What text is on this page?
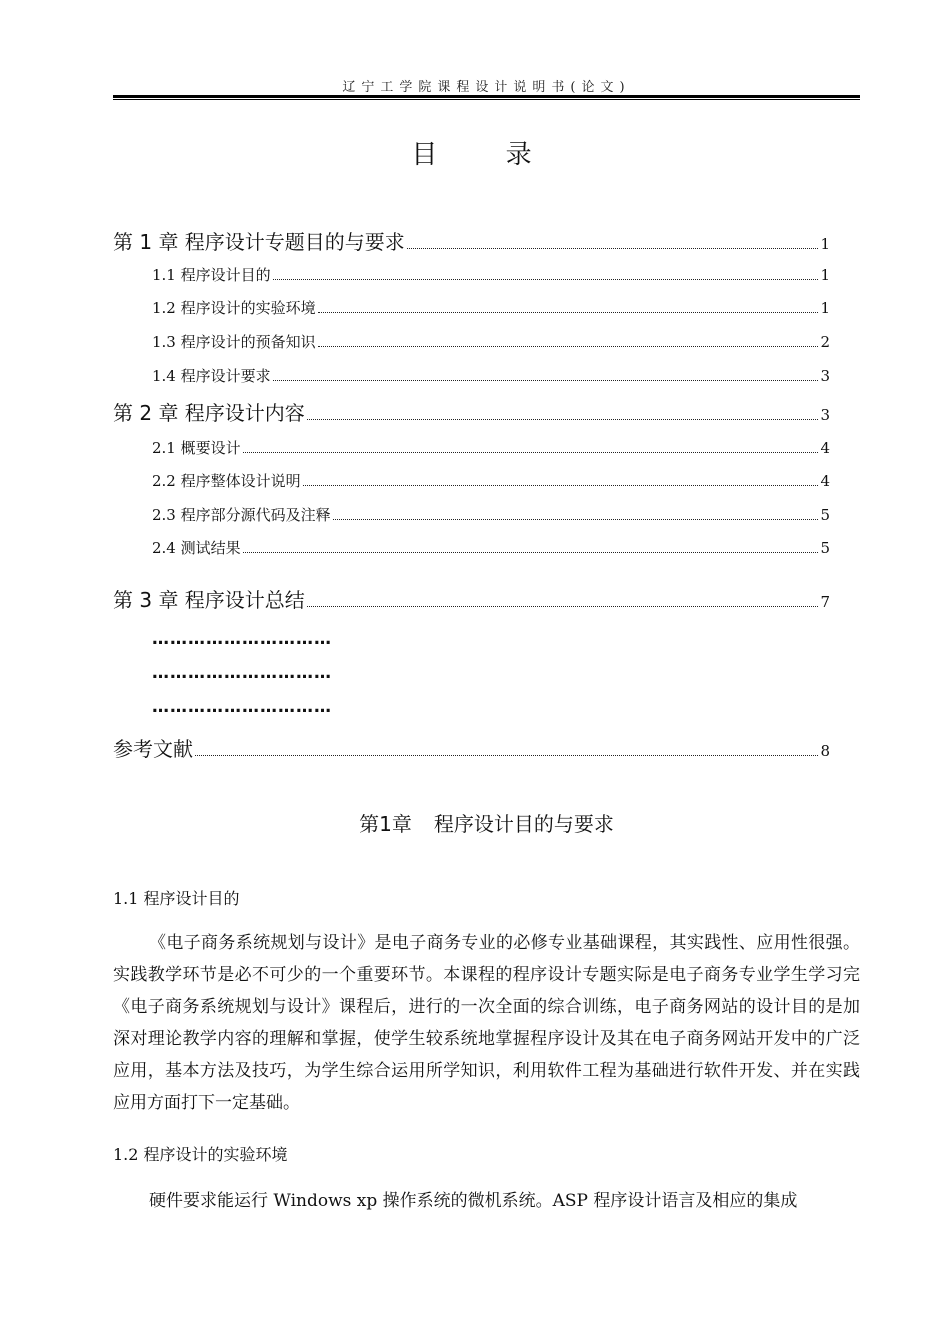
辽宁工学院课程设计说明书(论文)
目 录
第 1 章 程序设计专题目的与要求	1
1.1 程序设计目的	1
1.2 程序设计的实验环境	1
1.3 程序设计的预备知识	2
1.4 程序设计要求	3
第 2 章 程序设计内容	3
2.1 概要设计	4
2.2 程序整体设计说明	4
2.3 程序部分源代码及注释	5
2.4 测试结果	5
第 3 章 程序设计总结	7
…………………………
…………………………
…………………………
参考文献	8
第1章 程序设计目的与要求
1.1 程序设计目的
《电子商务系统规划与设计》是电子商务专业的必修专业基础课程，其实践性、应用性很强。实践教学环节是必不可少的一个重要环节。本课程的程序设计专题实际是电子商务专业学生学习完《电子商务系统规划与设计》课程后，进行的一次全面的综合训练，电子商务网站的设计目的是加深对理论教学内容的理解和掌握，使学生较系统地掌握程序设计及其在电子商务网站开发中的广泛应用，基本方法及技巧，为学生综合运用所学知识，利用软件工程为基础进行软件开发、并在实践应用方面打下一定基础。
1.2 程序设计的实验环境
硬件要求能运行 Windows xp 操作系统的微机系统。ASP 程序设计语言及相应的集成
